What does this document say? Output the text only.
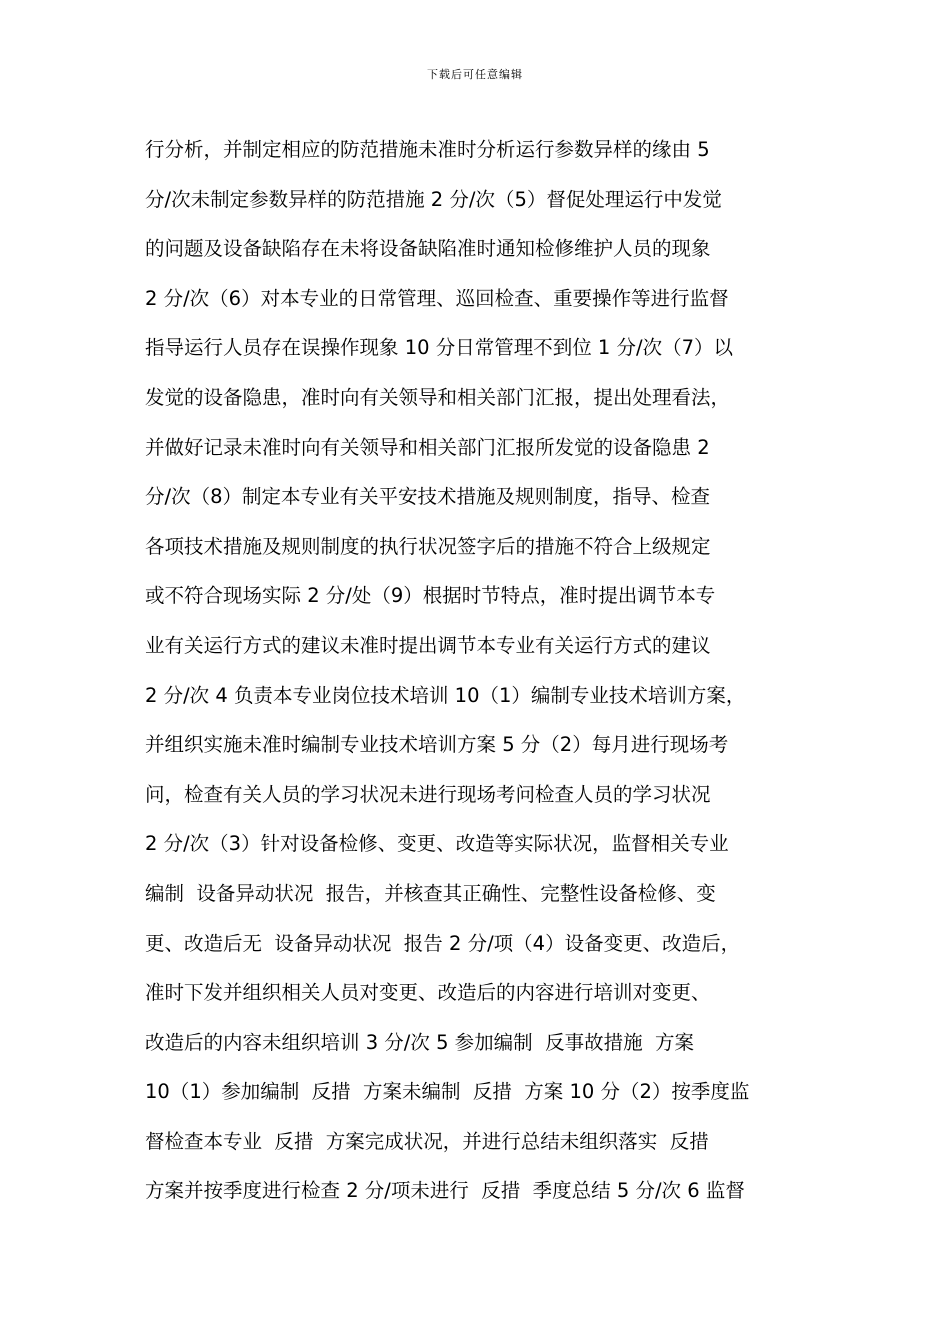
下载后可任意编辑
行分析，并制定相应的防范措施未准时分析运行参数异样的缘由 5
分/次未制定参数异样的防范措施 2 分/次（5）督促处理运行中发觉
的问题及设备缺陷存在未将设备缺陷准时通知检修维护人员的现象
2 分/次（6）对本专业的日常管理、巡回检查、重要操作等进行监督
指导运行人员存在误操作现象 10 分日常管理不到位 1 分/次（7）以
发觉的设备隐患，准时向有关领导和相关部门汇报，提出处理看法，
并做好记录未准时向有关领导和相关部门汇报所发觉的设备隐患 2
分/次（8）制定本专业有关平安技术措施及规则制度，指导、检查
各项技术措施及规则制度的执行状况签字后的措施不符合上级规定
或不符合现场实际 2 分/处（9）根据时节特点，准时提出调节本专
业有关运行方式的建议未准时提出调节本专业有关运行方式的建议
2 分/次 4 负责本专业岗位技术培训 10（1）编制专业技术培训方案，
并组织实施未准时编制专业技术培训方案 5 分（2）每月进行现场考
问，检查有关人员的学习状况未进行现场考问检查人员的学习状况
2 分/次（3）针对设备检修、变更、改造等实际状况，监督相关专业
编制  设备异动状况  报告，并核查其正确性、完整性设备检修、变
更、改造后无  设备异动状况  报告 2 分/项（4）设备变更、改造后，
准时下发并组织相关人员对变更、改造后的内容进行培训对变更、
改造后的内容未组织培训 3 分/次 5 参加编制  反事故措施  方案
10（1）参加编制  反措  方案未编制  反措  方案 10 分（2）按季度监
督检查本专业  反措  方案完成状况，并进行总结未组织落实  反措
方案并按季度进行检查 2 分/项未进行  反措  季度总结 5 分/次 6 监督
